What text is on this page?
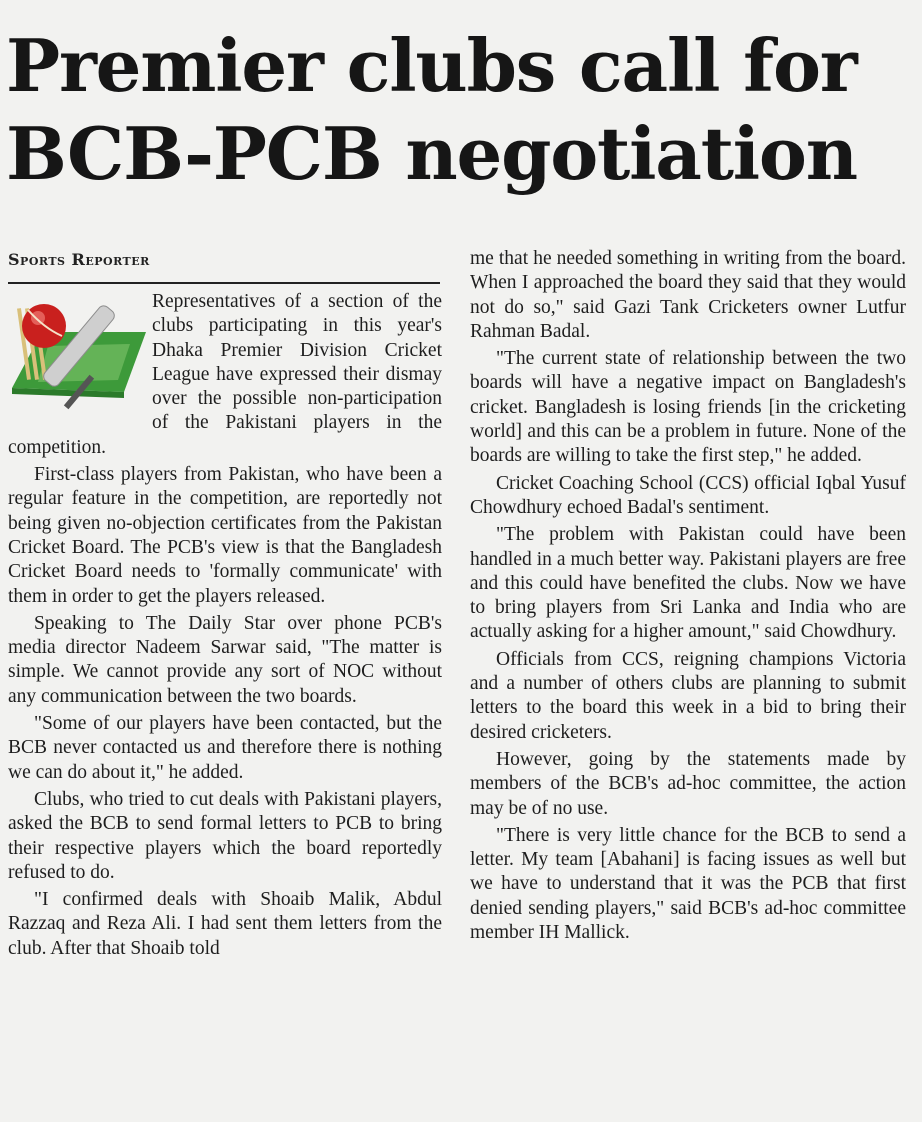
Premier clubs call for
BCB-PCB negotiation
Sports Reporter

Representatives of a section of the clubs participating in this year's Dhaka Premier Division Cricket League have expressed their dismay over the possible non-participation of the Pakistani players in the competition.

First-class players from Pakistan, who have been a regular feature in the competition, are reportedly not being given no-objection certificates from the Pakistan Cricket Board. The PCB's view is that the Bangladesh Cricket Board needs to 'formally communicate' with them in order to get the players released.

Speaking to The Daily Star over phone PCB's media director Nadeem Sarwar said, "The matter is simple. We cannot provide any sort of NOC without any communication between the two boards.

"Some of our players have been contacted, but the BCB never contacted us and therefore there is nothing we can do about it," he added.

Clubs, who tried to cut deals with Pakistani players, asked the BCB to send formal letters to PCB to bring their respective players which the board reportedly refused to do.

"I confirmed deals with Shoaib Malik, Abdul Razzaq and Reza Ali. I had sent them letters from the club. After that Shoaib told

me that he needed something in writing from the board. When I approached the board they said that they would not do so," said Gazi Tank Cricketers owner Lutfur Rahman Badal.

"The current state of relationship between the two boards will have a negative impact on Bangladesh's cricket. Bangladesh is losing friends [in the cricketing world] and this can be a problem in future. None of the boards are willing to take the first step," he added.

Cricket Coaching School (CCS) official Iqbal Yusuf Chowdhury echoed Badal's sentiment.

"The problem with Pakistan could have been handled in a much better way. Pakistani players are free and this could have benefited the clubs. Now we have to bring players from Sri Lanka and India who are actually asking for a higher amount," said Chowdhury.

Officials from CCS, reigning champions Victoria and a number of others clubs are planning to submit letters to the board this week in a bid to bring their desired cricketers.

However, going by the statements made by members of the BCB's ad-hoc committee, the action may be of no use.

"There is very little chance for the BCB to send a letter. My team [Abahani] is facing issues as well but we have to understand that it was the PCB that first denied sending players," said BCB's ad-hoc committee member IH Mallick.
